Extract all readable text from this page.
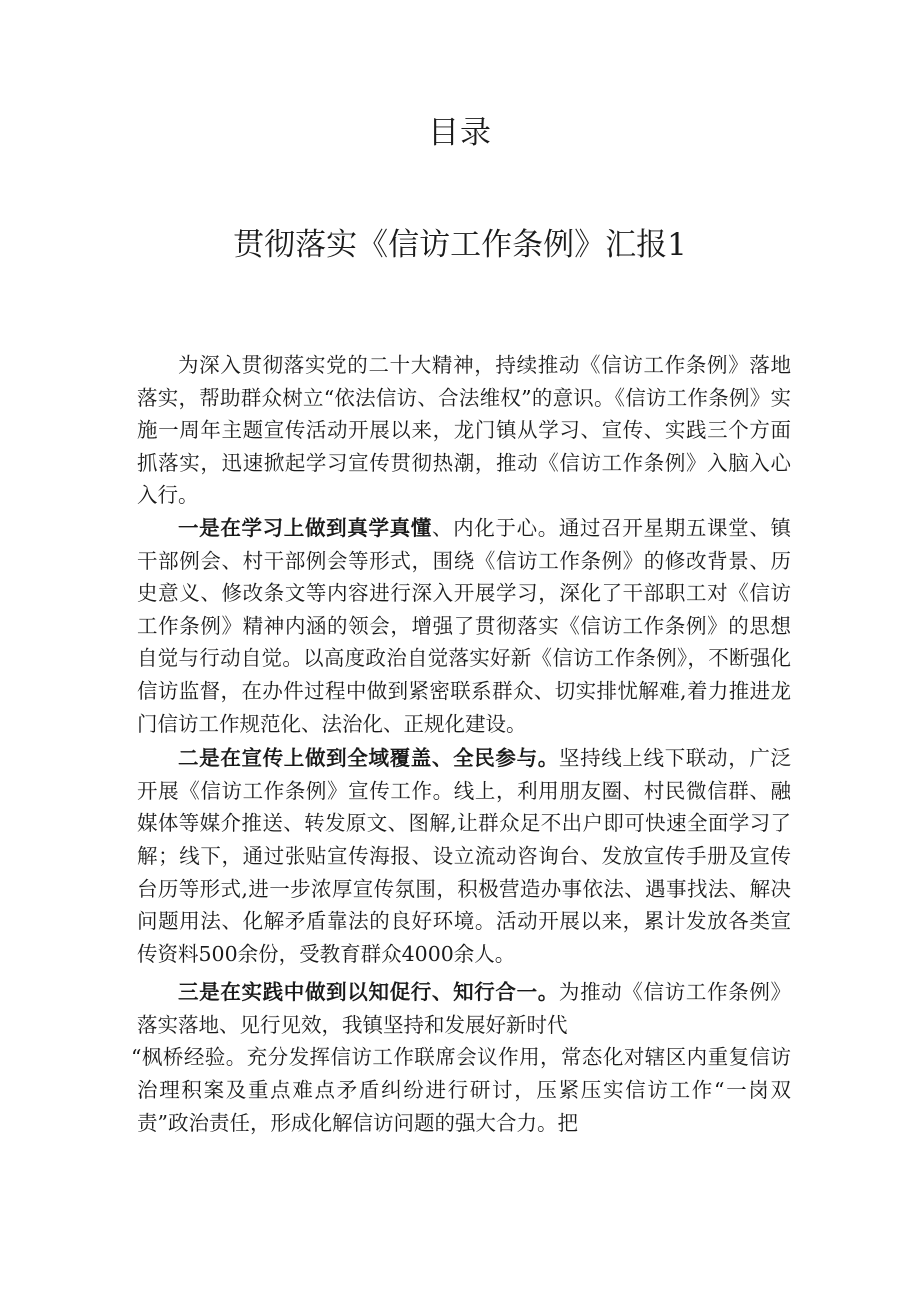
目录
贯彻落实《信访工作条例》汇报1

为深入贯彻落实党的二十大精神，持续推动《信访工作条例》落地落实，帮助群众树立“依法信访、合法维权”的意识。《信访工作条例》实施一周年主题宣传活动开展以来，龙门镇从学习、宣传、实践三个方面抓落实，迅速掀起学习宣传贯彻热潮，推动《信访工作条例》入脑入心入行。

一是在学习上做到真学真懂、内化于心。通过召开星期五课堂、镇干部例会、村干部例会等形式，围绕《信访工作条例》的修改背景、历史意义、修改条文等内容进行深入开展学习，深化了干部职工对《信访工作条例》精神内涵的领会，增强了贯彻落实《信访工作条例》的思想自觉与行动自觉。以高度政治自觉落实好新《信访工作条例》，不断强化信访监督，在办件过程中做到紧密联系群众、切实排忧解难,着力推进龙门信访工作规范化、法治化、正规化建设。

二是在宣传上做到全域覆盖、全民参与。坚持线上线下联动，广泛开展《信访工作条例》宣传工作。线上，利用朋友圈、村民微信群、融媒体等媒介推送、转发原文、图解,让群众足不出户即可快速全面学习了解；线下，通过张贴宣传海报、设立流动咨询台、发放宣传手册及宣传台历等形式,进一步浓厚宣传氛围，积极营造办事依法、遇事找法、解决问题用法、化解矛盾靠法的良好环境。活动开展以来，累计发放各类宣传资料500余份，受教育群众4000余人。

三是在实践中做到以知促行、知行合一。为推动《信访工作条例》落实落地、见行见效，我镇坚持和发展好新时代
“枫桥经验。充分发挥信访工作联席会议作用，常态化对辖区内重复信访治理积案及重点难点矛盾纠纷进行研讨，压紧压实信访工作“一岗双责”政治责任，形成化解信访问题的强大合力。把
